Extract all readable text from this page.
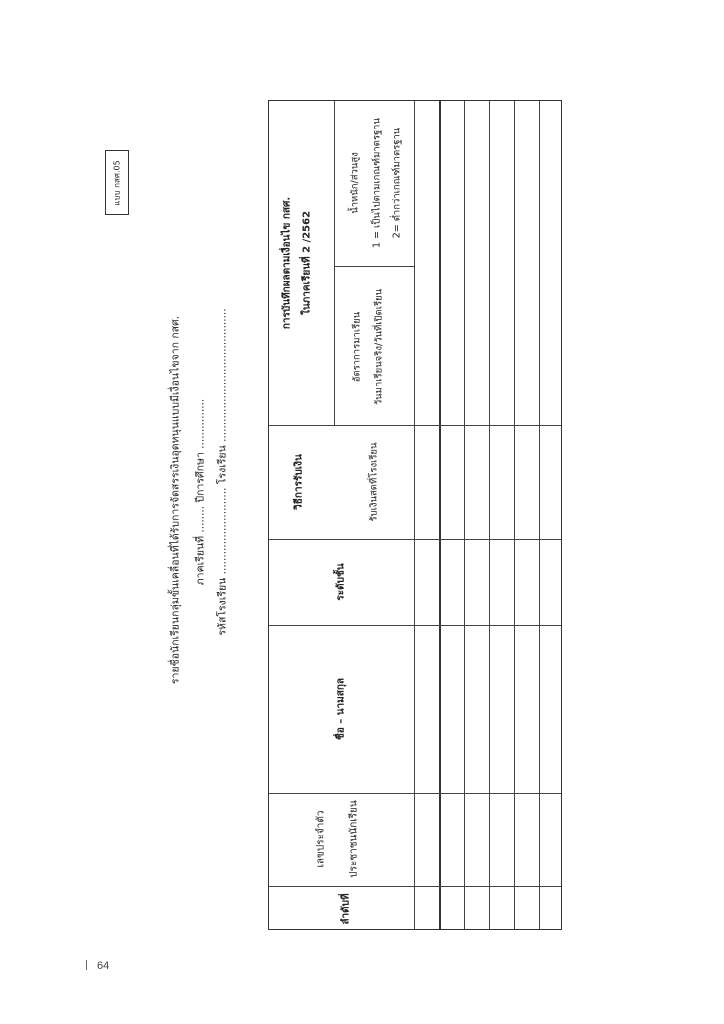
64
แบบ กสศ.05
รายชื่อนักเรียนกลุ่มขั้นเคลื่อนที่ได้รับการจัดสรรเงินอุดหนุนแบบมีเงื่อนไขจาก กสศ. ภาคเรียนที่ ........ ปีการศึกษา ............... รหัสโรงเรียน .......................... โรงเรียน ........................................
ลำดับที่
เลขประจำตัว ประชาชนนักเรียน
ชื่อ – นามสกุล
ระดับชั้น
วิธีการรับเงิน	รับเงินสดที่โรงเรียน
การบันทึกผลตามเงื่อนไข กสศ. ในภาคเรียนที่ 2 /2562
อัตราการมาเรียน วันมาเรียนจริง/วันที่เปิดเรียน
น้ำหนัก/ส่วนสูง 1 = เป็นไปตามเกณฑ์มาตรฐาน 2= ต่ำกว่าเกณฑ์มาตรฐาน
